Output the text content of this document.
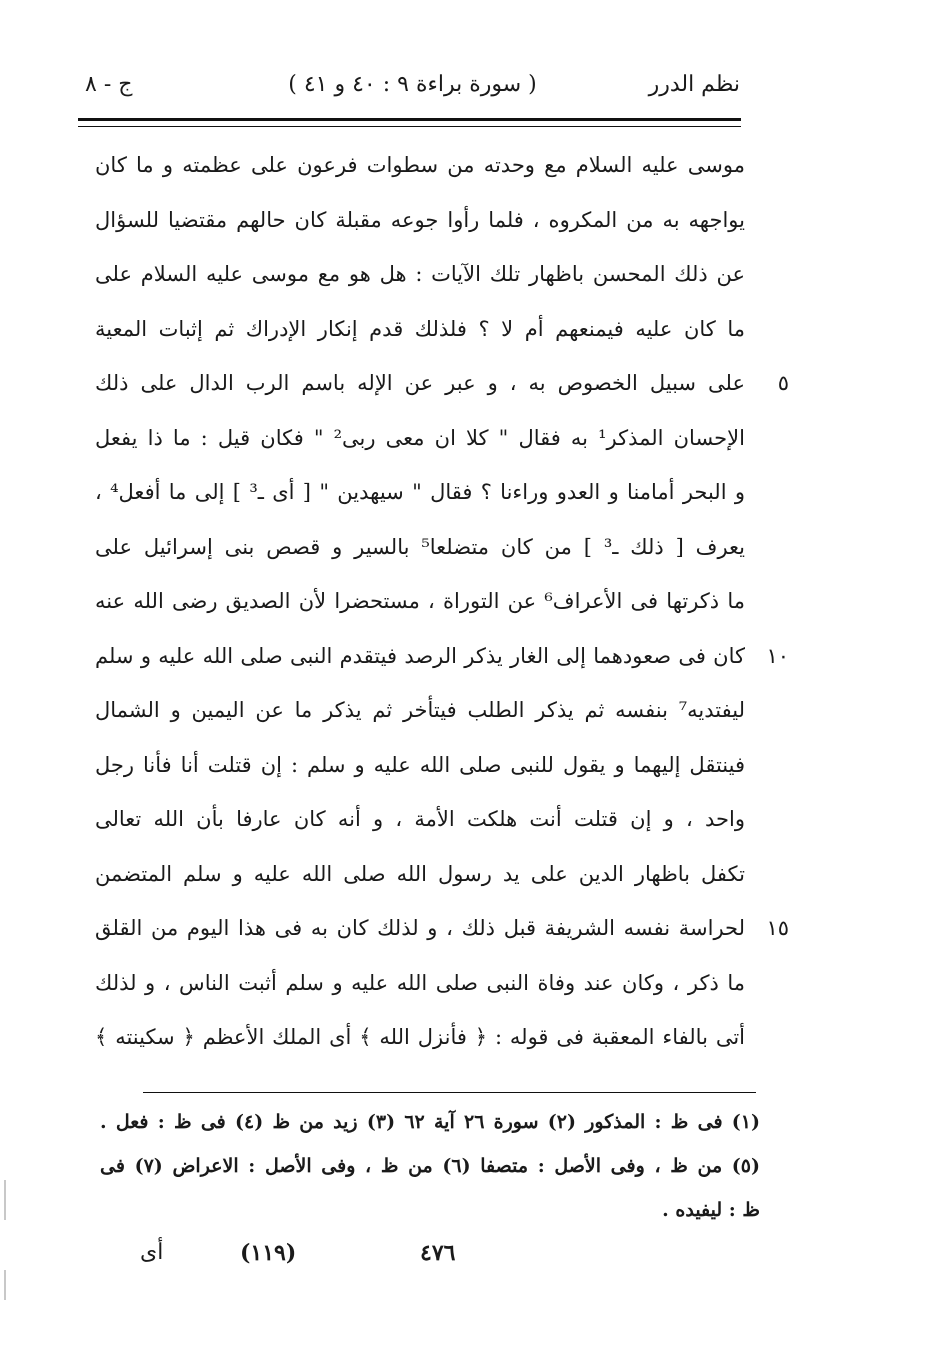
نظم الدرر
( سورة براءة ٩ : ٤٠ و ٤١ )
ج - ٨
موسى عليه السلام مع وحدته من سطوات فرعون على عظمته و ما كان
يواجهه به من المكروه ، فلما رأوا جوعه مقبلة كان حالهم مقتضيا للسؤال
عن ذلك المحسن باظهار تلك الآيات : هل هو مع موسى عليه السلام على
ما كان عليه فيمنعهم أم لا ؟ فلذلك قدم إنكار الإدراك ثم إثبات المعية
على سبيل الخصوص به ، و عبر عن الإله باسم الرب الدال على ذلك ٥
الإحسان المذكر¹ به فقال " كلا ان معى ربى² " فكان قيل : ما ذا يفعل
و البحر أمامنا و العدو وراءنا ؟ فقال " سيهدين " [ أى ـ³ ] إلى ما أفعل⁴ ،
يعرف [ ذلك ـ³ ] من كان متضلعا⁵ بالسير و قصص بنى إسرائيل على
ما ذكرتها فى الأعراف⁶ عن التوراة ، مستحضرا لأن الصديق رضى الله عنه
كان فى صعودهما إلى الغار يذكر الرصد فيتقدم النبى صلى الله عليه و سلم ١٠
ليفتديه⁷ بنفسه ثم يذكر الطلب فيتأخر ثم يذكر ما عن اليمين و الشمال
فينتقل إليهما و يقول للنبى صلى الله عليه و سلم : إن قتلت أنا فأنا رجل
واحد ، و إن قتلت أنت هلكت الأمة ، و أنه كان عارفا بأن الله تعالى
تكفل باظهار الدين على يد رسول الله صلى الله عليه و سلم المتضمن
لحراسة نفسه الشريفة قبل ذلك ، و لذلك كان به فى هذا اليوم من القلق ١٥
ما ذكر ، وكان عند وفاة النبى صلى الله عليه و سلم أثبت الناس ، و لذلك
أتى بالفاء المعقبة فى قوله : ﴿ فأنزل الله ﴾ أى الملك الأعظم ﴿ سكينته ﴾
(١) فى ظ : المذكور (٢) سورة ٢٦ آية ٦٢ (٣) زيد من ظ (٤) فى ظ : فعل .
(٥) من ظ ، وفى الأصل : متصفا (٦) من ظ ، وفى الأصل : الاعراض (٧) فى
ظ : ليفيده .
أى	(١١٩)	٤٧٦
